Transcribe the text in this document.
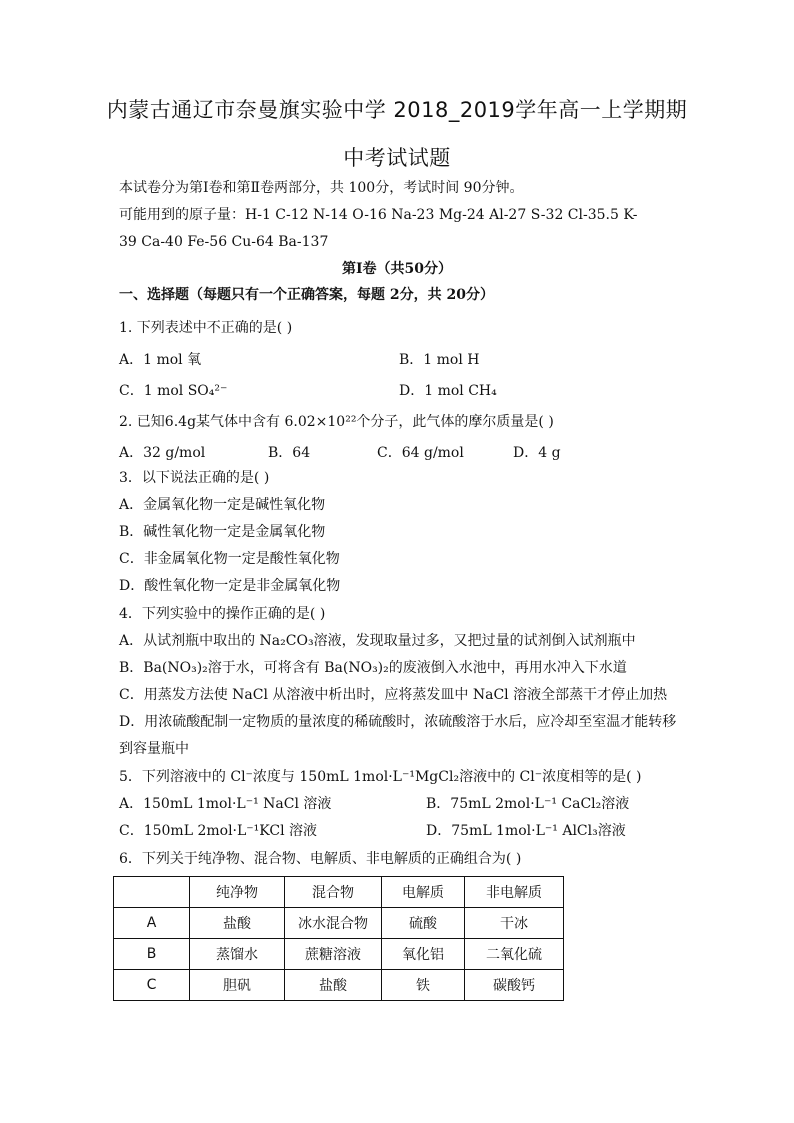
内蒙古通辽市奈曼旗实验中学 2018_2019学年高一上学期期
中考试试题
本试卷分为第Ⅰ卷和第Ⅱ卷两部分，共 100分，考试时间 90分钟。
可能用到的原子量：H-1 C-12 N-14 O-16 Na-23 Mg-24 Al-27 S-32 Cl-35.5 K-
39 Ca-40 Fe-56 Cu-64 Ba-137
第Ⅰ卷（共50分）
一、选择题（每题只有一个正确答案，每题 2分，共 20分）
1. 下列表述中不正确的是( )
A．1 mol 氧	B．1 mol H
C．1 mol SO₄²⁻	D．1 mol CH₄
2. 已知6.4g某气体中含有 6.02×10²²个分子，此气体的摩尔质量是( )
A．32 g/mol	B．64	C．64 g/mol	D．4 g
3．以下说法正确的是( )
A．金属氧化物一定是碱性氧化物
B．碱性氧化物一定是金属氧化物
C．非金属氧化物一定是酸性氧化物
D．酸性氧化物一定是非金属氧化物
4．下列实验中的操作正确的是( )
A．从试剂瓶中取出的 Na₂CO₃溶液，发现取量过多，又把过量的试剂倒入试剂瓶中
B．Ba(NO₃)₂溶于水，可将含有 Ba(NO₃)₂的废液倒入水池中，再用水冲入下水道
C．用蒸发方法使 NaCl 从溶液中析出时，应将蒸发皿中 NaCl 溶液全部蒸干才停止加热
D．用浓硫酸配制一定物质的量浓度的稀硫酸时，浓硫酸溶于水后，应冷却至室温才能转移
到容量瓶中
5．下列溶液中的 Cl⁻浓度与 150mL 1mol·L⁻¹MgCl₂溶液中的 Cl⁻浓度相等的是( )
A．150mL 1mol·L⁻¹ NaCl 溶液	B．75mL 2mol·L⁻¹ CaCl₂溶液
C．150mL 2mol·L⁻¹KCl 溶液	D．75mL 1mol·L⁻¹ AlCl₃溶液
6．下列关于纯净物、混合物、电解质、非电解质的正确组合为( )
	纯净物	混合物	电解质	非电解质
A	盐酸	冰水混合物	硫酸	干冰
B	蒸馏水	蔗糖溶液	氧化铝	二氧化硫
C	胆矾	盐酸	铁	碳酸钙
